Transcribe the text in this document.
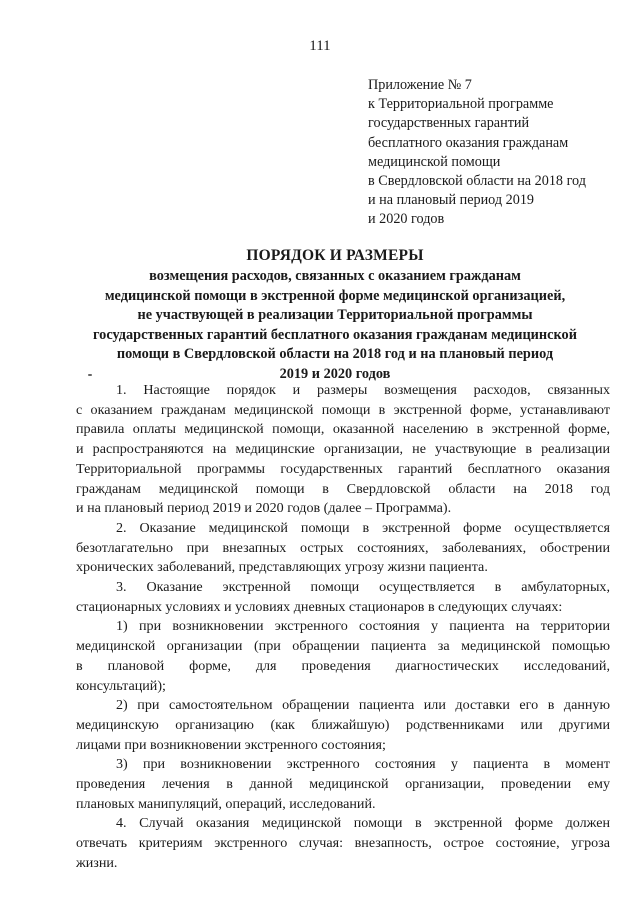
111
Приложение № 7
к Территориальной программе
государственных гарантий
бесплатного оказания гражданам
медицинской помощи
в Свердловской области на 2018 год
и на плановый период 2019
и 2020 годов
ПОРЯДОК И РАЗМЕРЫ
возмещения расходов, связанных с оказанием гражданам
медицинской помощи в экстренной форме медицинской организацией,
не участвующей в реализации Территориальной программы
государственных гарантий бесплатного оказания гражданам медицинской
помощи в Свердловской области на 2018 год и на плановый период
2019 и 2020 годов
1. Настоящие порядок и размеры возмещения расходов, связанных
с оказанием гражданам медицинской помощи в экстренной форме, устанавливают
правила оплаты медицинской помощи, оказанной населению в экстренной форме,
и распространяются на медицинские организации, не участвующие в реализации
Территориальной программы государственных гарантий бесплатного оказания
гражданам медицинской помощи в Свердловской области на 2018 год
и на плановый период 2019 и 2020 годов (далее – Программа).
2. Оказание медицинской помощи в экстренной форме осуществляется
безотлагательно при внезапных острых состояниях, заболеваниях, обострении
хронических заболеваний, представляющих угрозу жизни пациента.
3. Оказание экстренной помощи осуществляется в амбулаторных,
стационарных условиях и условиях дневных стационаров в следующих случаях:
1) при возникновении экстренного состояния у пациента на территории
медицинской организации (при обращении пациента за медицинской помощью
в плановой форме, для проведения диагностических исследований,
консультаций);
2) при самостоятельном обращении пациента или доставки его в данную
медицинскую организацию (как ближайшую) родственниками или другими
лицами при возникновении экстренного состояния;
3) при возникновении экстренного состояния у пациента в момент
проведения лечения в данной медицинской организации, проведении ему
плановых манипуляций, операций, исследований.
4. Случай оказания медицинской помощи в экстренной форме должен
отвечать критериям экстренного случая: внезапность, острое состояние, угроза
жизни.
